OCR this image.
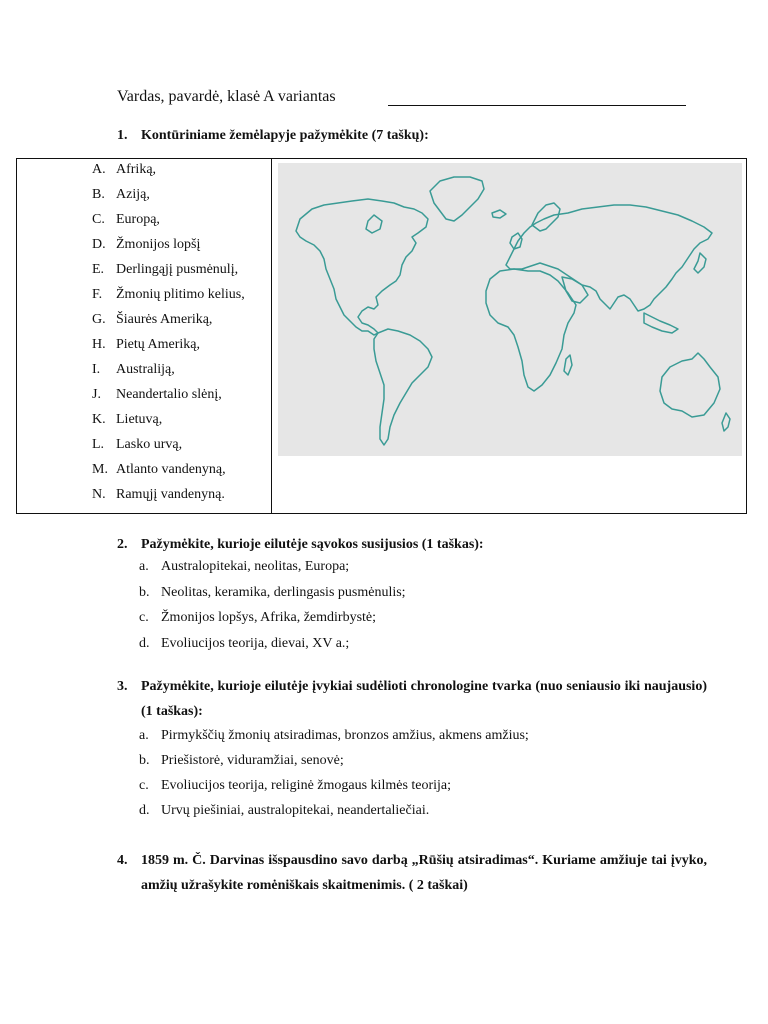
Vardas, pavardė, klasė A variantas
1. Kontūriniame žemėlapyje pažymėkite (7 taškų):
A. Afriką,
B. Aziją,
C. Europą,
D. Žmonijos lopšį
E. Derlingąjį pusmėnulį,
F. Žmonių plitimo kelius,
G. Šiaurės Ameriką,
H. Pietų Ameriką,
I.	Australiją,
J.	Neandertalio slėnį,
K. Lietuvą,
L. Lasko urvą,
M. Atlanto vandenyną,
N. Ramųjį vandenyną.
2. Pažymėkite, kurioje eilutėje sąvokos susijusios (1 taškas):
a. Australopitekai, neolitas, Europa;
b. Neolitas, keramika, derlingasis pusmėnulis;
c. Žmonijos lopšys, Afrika, žemdirbystė;
d. Evoliucijos teorija, dievai, XV a.;
3. Pažymėkite, kurioje eilutėje įvykiai sudėlioti chronologine tvarka (nuo seniausio iki naujausio) (1 taškas):
a. Pirmykščių žmonių atsiradimas, bronzos amžius, akmens amžius;
b. Priešistorė, viduramžiai, senovė;
c. Evoliucijos teorija, religinė žmogaus kilmės teorija;
d. Urvų piešiniai, australopitekai, neandertaliečiai.
4. 1859 m. Č. Darvinas išspausdino savo darbą „Rūšių atsiradimas“. Kuriame amžiuje tai įvyko, amžių užrašykite romėniškais skaitmenimis. ( 2 taškai)
